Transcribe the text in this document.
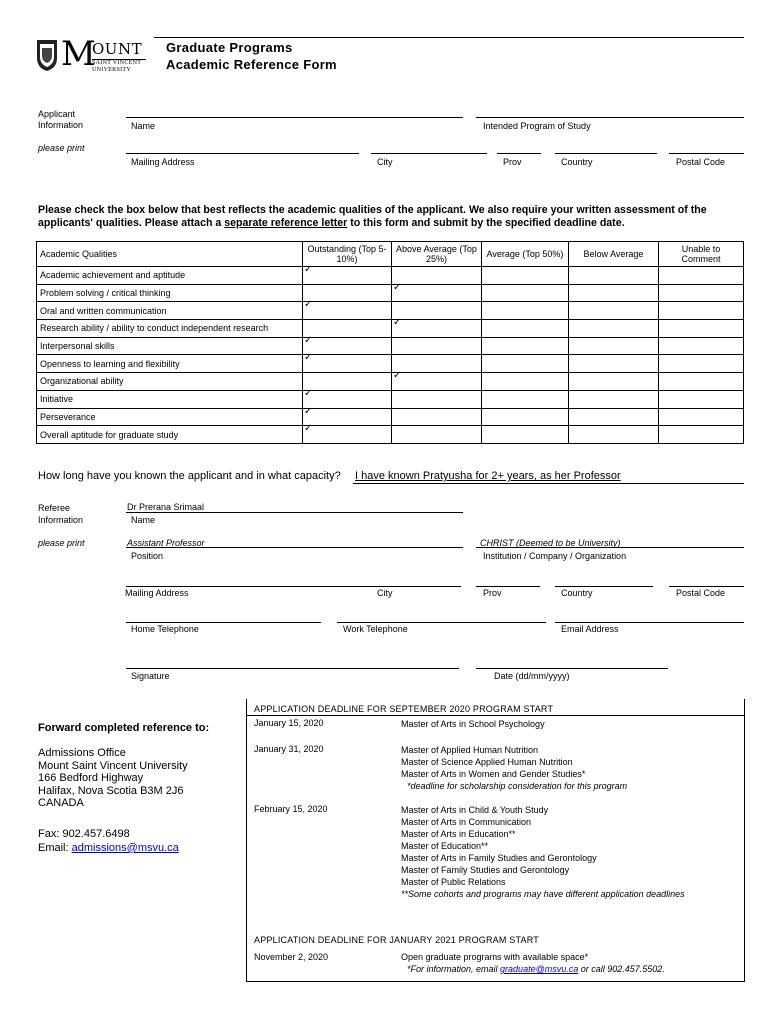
M
OUNT
SAINT VINCENT
UNIVERSITY
Graduate Programs
Academic Reference Form
Applicant
Information
please print
Name	Intended Program of Study
Mailing Address	City	Prov	Country	Postal Code
Please check the box below that best reflects the academic qualities of the applicant. We also require your written assessment of the applicants' qualities. Please attach a separate reference letter to this form and submit by the specified deadline date.
Academic Qualities	Outstanding (Top 5-10%)	Above Average (Top 25%)	Average (Top 50%)	Below Average	Unable to Comment
Academic achievement and aptitude	✓				

Problem solving / critical thinking		✓			

Oral and written communication	✓				

Research ability / ability to conduct independent research		✓			

Interpersonal skills	✓				

Openness to learning and flexibility	✓				

Organizational ability		✓			

Initiative	✓				

Perseverance	✓				

Overall aptitude for graduate study	✓				

How long have you known the applicant and in what capacity? I have known Pratyusha for 2+ years, as her Professor
Referee
Information
please print
Dr Prerana Srimaal
Name
Assistant Professor
Position
CHRIST (Deemed to be University)
Institution / Company / Organization
Mailing Address	City	Prov	Country	Postal Code
Home Telephone	Work Telephone	Email Address
Signature	Date (dd/mm/yyyy)
Forward completed reference to:
Admissions Office
Mount Saint Vincent University
166 Bedford Highway
Halifax, Nova Scotia B3M 2J6
CANADA
Fax: 902.457.6498
Email: admissions@msvu.ca
APPLICATION DEADLINE FOR SEPTEMBER 2020 PROGRAM START
January 15, 2020	Master of Arts in School Psychology
January 31, 2020	Master of Applied Human Nutrition
Master of Science Applied Human Nutrition
Master of Arts in Women and Gender Studies*
*deadline for scholarship consideration for this program
February 15, 2020	Master of Arts in Child & Youth Study
Master of Arts in Communication
Master of Arts in Education**
Master of Education**
Master of Arts in Family Studies and Gerontology
Master of Family Studies and Gerontology
Master of Public Relations
**Some cohorts and programs may have different application deadlines
APPLICATION DEADLINE FOR JANUARY 2021 PROGRAM START
November 2, 2020	Open graduate programs with available space*
*For information, email graduate@msvu.ca or call 902.457.5502.
